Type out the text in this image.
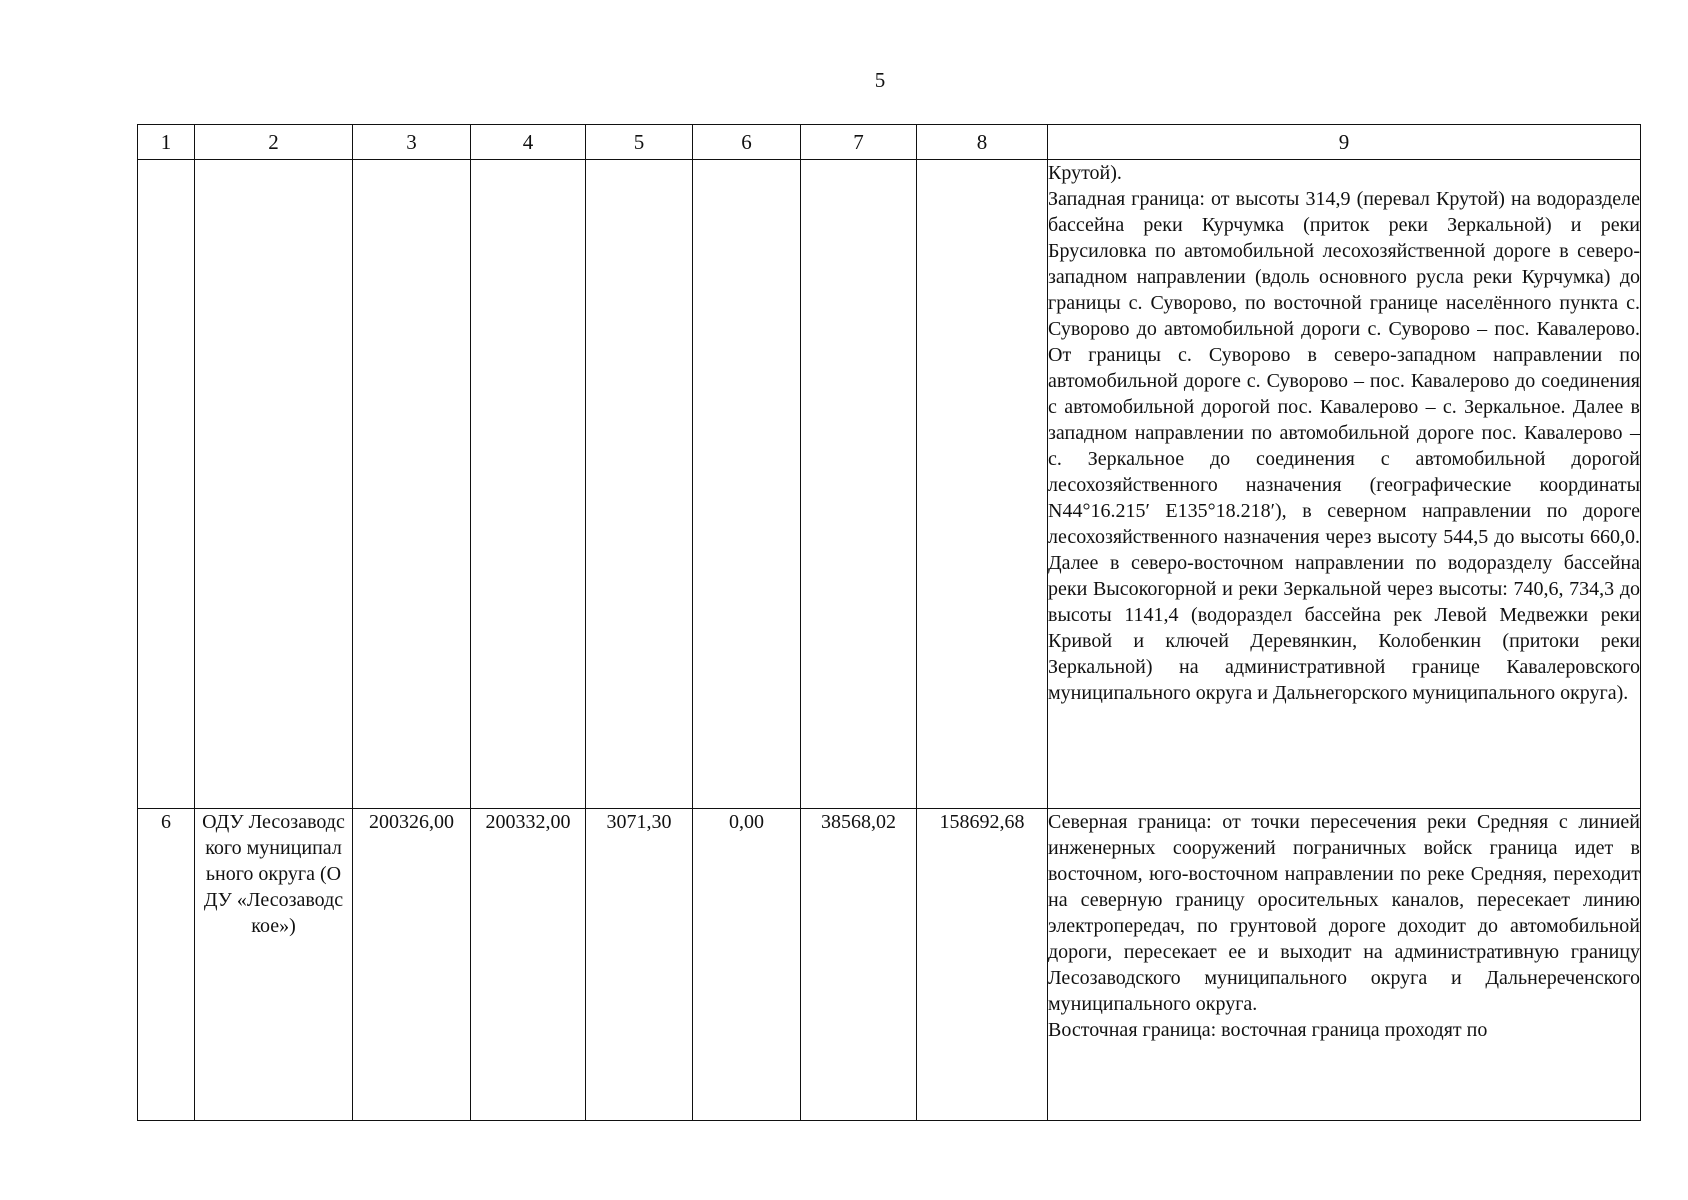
5
1	2	3	4	5	6	7	8	9

								Крутой).

Западная граница: от высоты 314,9 (перевал Крутой) на водоразделе бассейна реки Курчумка (приток реки Зеркальной) и реки Брусиловка по автомобильной лесохозяйственной дороге в северо-западном направлении (вдоль основного русла реки Курчумка) до границы с. Суворово, по восточной границе населённого пункта с. Суворово до автомобильной дороги с. Суворово – пос. Кавалерово. От границы с. Суворово в северо-западном направлении по автомобильной дороге с. Суворово – пос. Кавалерово до соединения с автомобильной дорогой пос. Кавалерово – с. Зеркальное. Далее в западном направлении по автомобильной дороге пос. Кавалерово – с. Зеркальное до соединения с автомобильной дорогой лесохозяйственного назначения (географические координаты N44°16.215′ E135°18.218′), в северном направлении по дороге лесохозяйственного назначения через высоту 544,5 до высоты 660,0. Далее в северо-восточном направлении по водоразделу бассейна реки Высокогорной и реки Зеркальной через высоты: 740,6, 734,3 до высоты 1141,4 (водораздел бассейна рек Левой Медвежки реки Кривой и ключей Деревянкин, Колобенкин (притоки реки Зеркальной) на административной границе Кавалеровского муниципального округа и Дальнегорского муниципального округа).

6	ОДУ Лесозаводского муниципального округа (ОДУ «Лесозаводское»)	200326,00	200332,00	3071,30	0,00	38568,02	158692,68	Северная граница: от точки пересечения реки Средняя с линией инженерных сооружений пограничных войск граница идет в восточном, юго-восточном направлении по реке Средняя, переходит на северную границу оросительных каналов, пересекает линию электропередач, по грунтовой дороге доходит до автомобильной дороги, пересекает ее и выходит на административную границу Лесозаводского муниципального округа и Дальнереченского муниципального округа.

Восточная граница: восточная граница проходят по
